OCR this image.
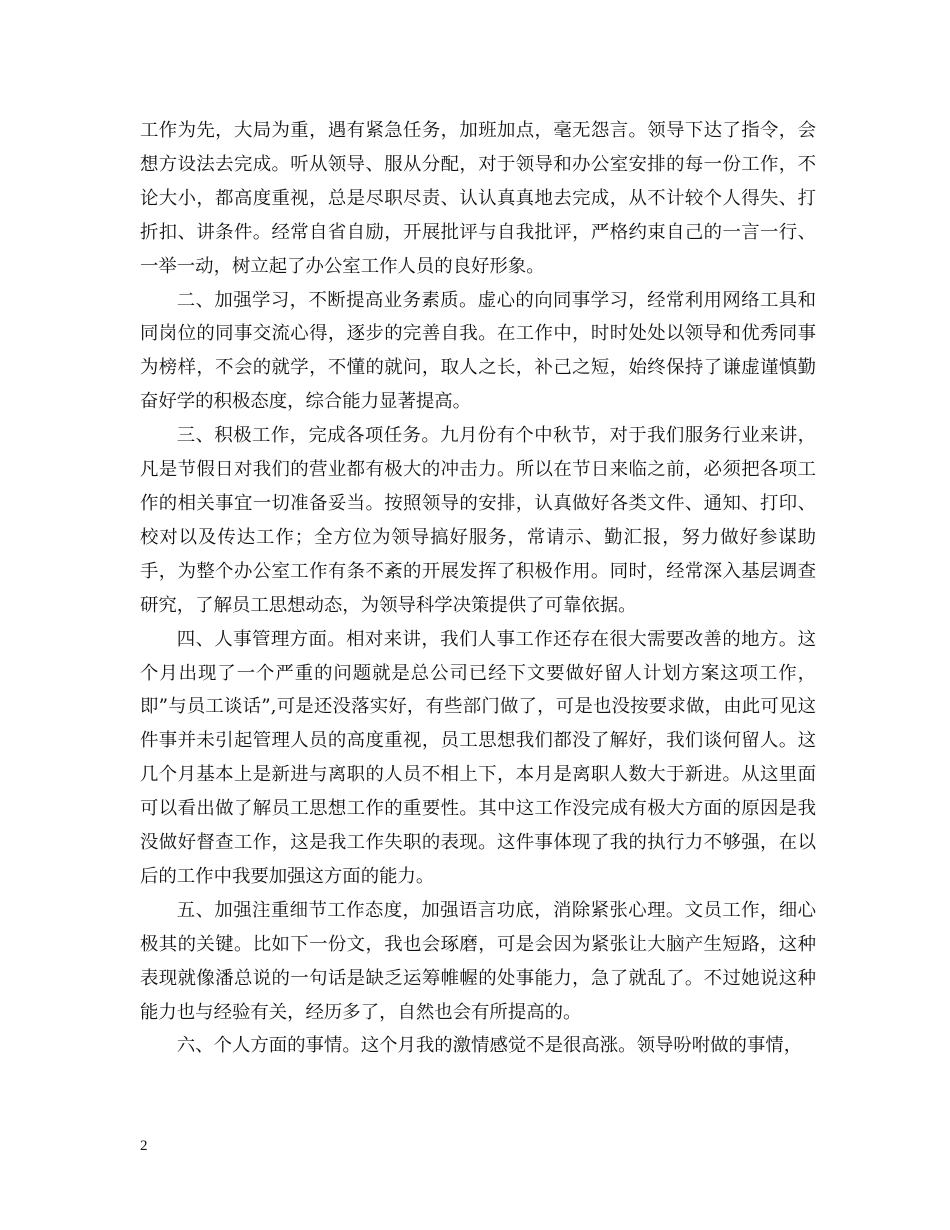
工作为先，大局为重，遇有紧急任务，加班加点，毫无怨言。领导下达了指令，会想方设法去完成。听从领导、服从分配，对于领导和办公室安排的每一份工作，不论大小，都高度重视，总是尽职尽责、认认真真地去完成，从不计较个人得失、打折扣、讲条件。经常自省自励，开展批评与自我批评，严格约束自己的一言一行、一举一动，树立起了办公室工作人员的良好形象。

二、加强学习，不断提高业务素质。虚心的向同事学习，经常利用网络工具和同岗位的同事交流心得，逐步的完善自我。在工作中，时时处处以领导和优秀同事为榜样，不会的就学，不懂的就问，取人之长，补己之短，始终保持了谦虚谨慎勤奋好学的积极态度，综合能力显著提高。

三、积极工作，完成各项任务。九月份有个中秋节，对于我们服务行业来讲，凡是节假日对我们的营业都有极大的冲击力。所以在节日来临之前，必须把各项工作的相关事宜一切准备妥当。按照领导的安排，认真做好各类文件、通知、打印、校对以及传达工作；全方位为领导搞好服务，常请示、勤汇报，努力做好参谋助手，为整个办公室工作有条不紊的开展发挥了积极作用。同时，经常深入基层调查研究，了解员工思想动态，为领导科学决策提供了可靠依据。

四、人事管理方面。相对来讲，我们人事工作还存在很大需要改善的地方。这个月出现了一个严重的问题就是总公司已经下文要做好留人计划方案这项工作，即”与员工谈话”,可是还没落实好，有些部门做了，可是也没按要求做，由此可见这件事并未引起管理人员的高度重视，员工思想我们都没了解好，我们谈何留人。这几个月基本上是新进与离职的人员不相上下，本月是离职人数大于新进。从这里面可以看出做了解员工思想工作的重要性。其中这工作没完成有极大方面的原因是我没做好督查工作，这是我工作失职的表现。这件事体现了我的执行力不够强，在以后的工作中我要加强这方面的能力。

五、加强注重细节工作态度，加强语言功底，消除紧张心理。文员工作，细心极其的关键。比如下一份文，我也会琢磨，可是会因为紧张让大脑产生短路，这种表现就像潘总说的一句话是缺乏运筹帷幄的处事能力，急了就乱了。不过她说这种能力也与经验有关，经历多了，自然也会有所提高的。

六、个人方面的事情。这个月我的激情感觉不是很高涨。领导吩咐做的事情，

2
